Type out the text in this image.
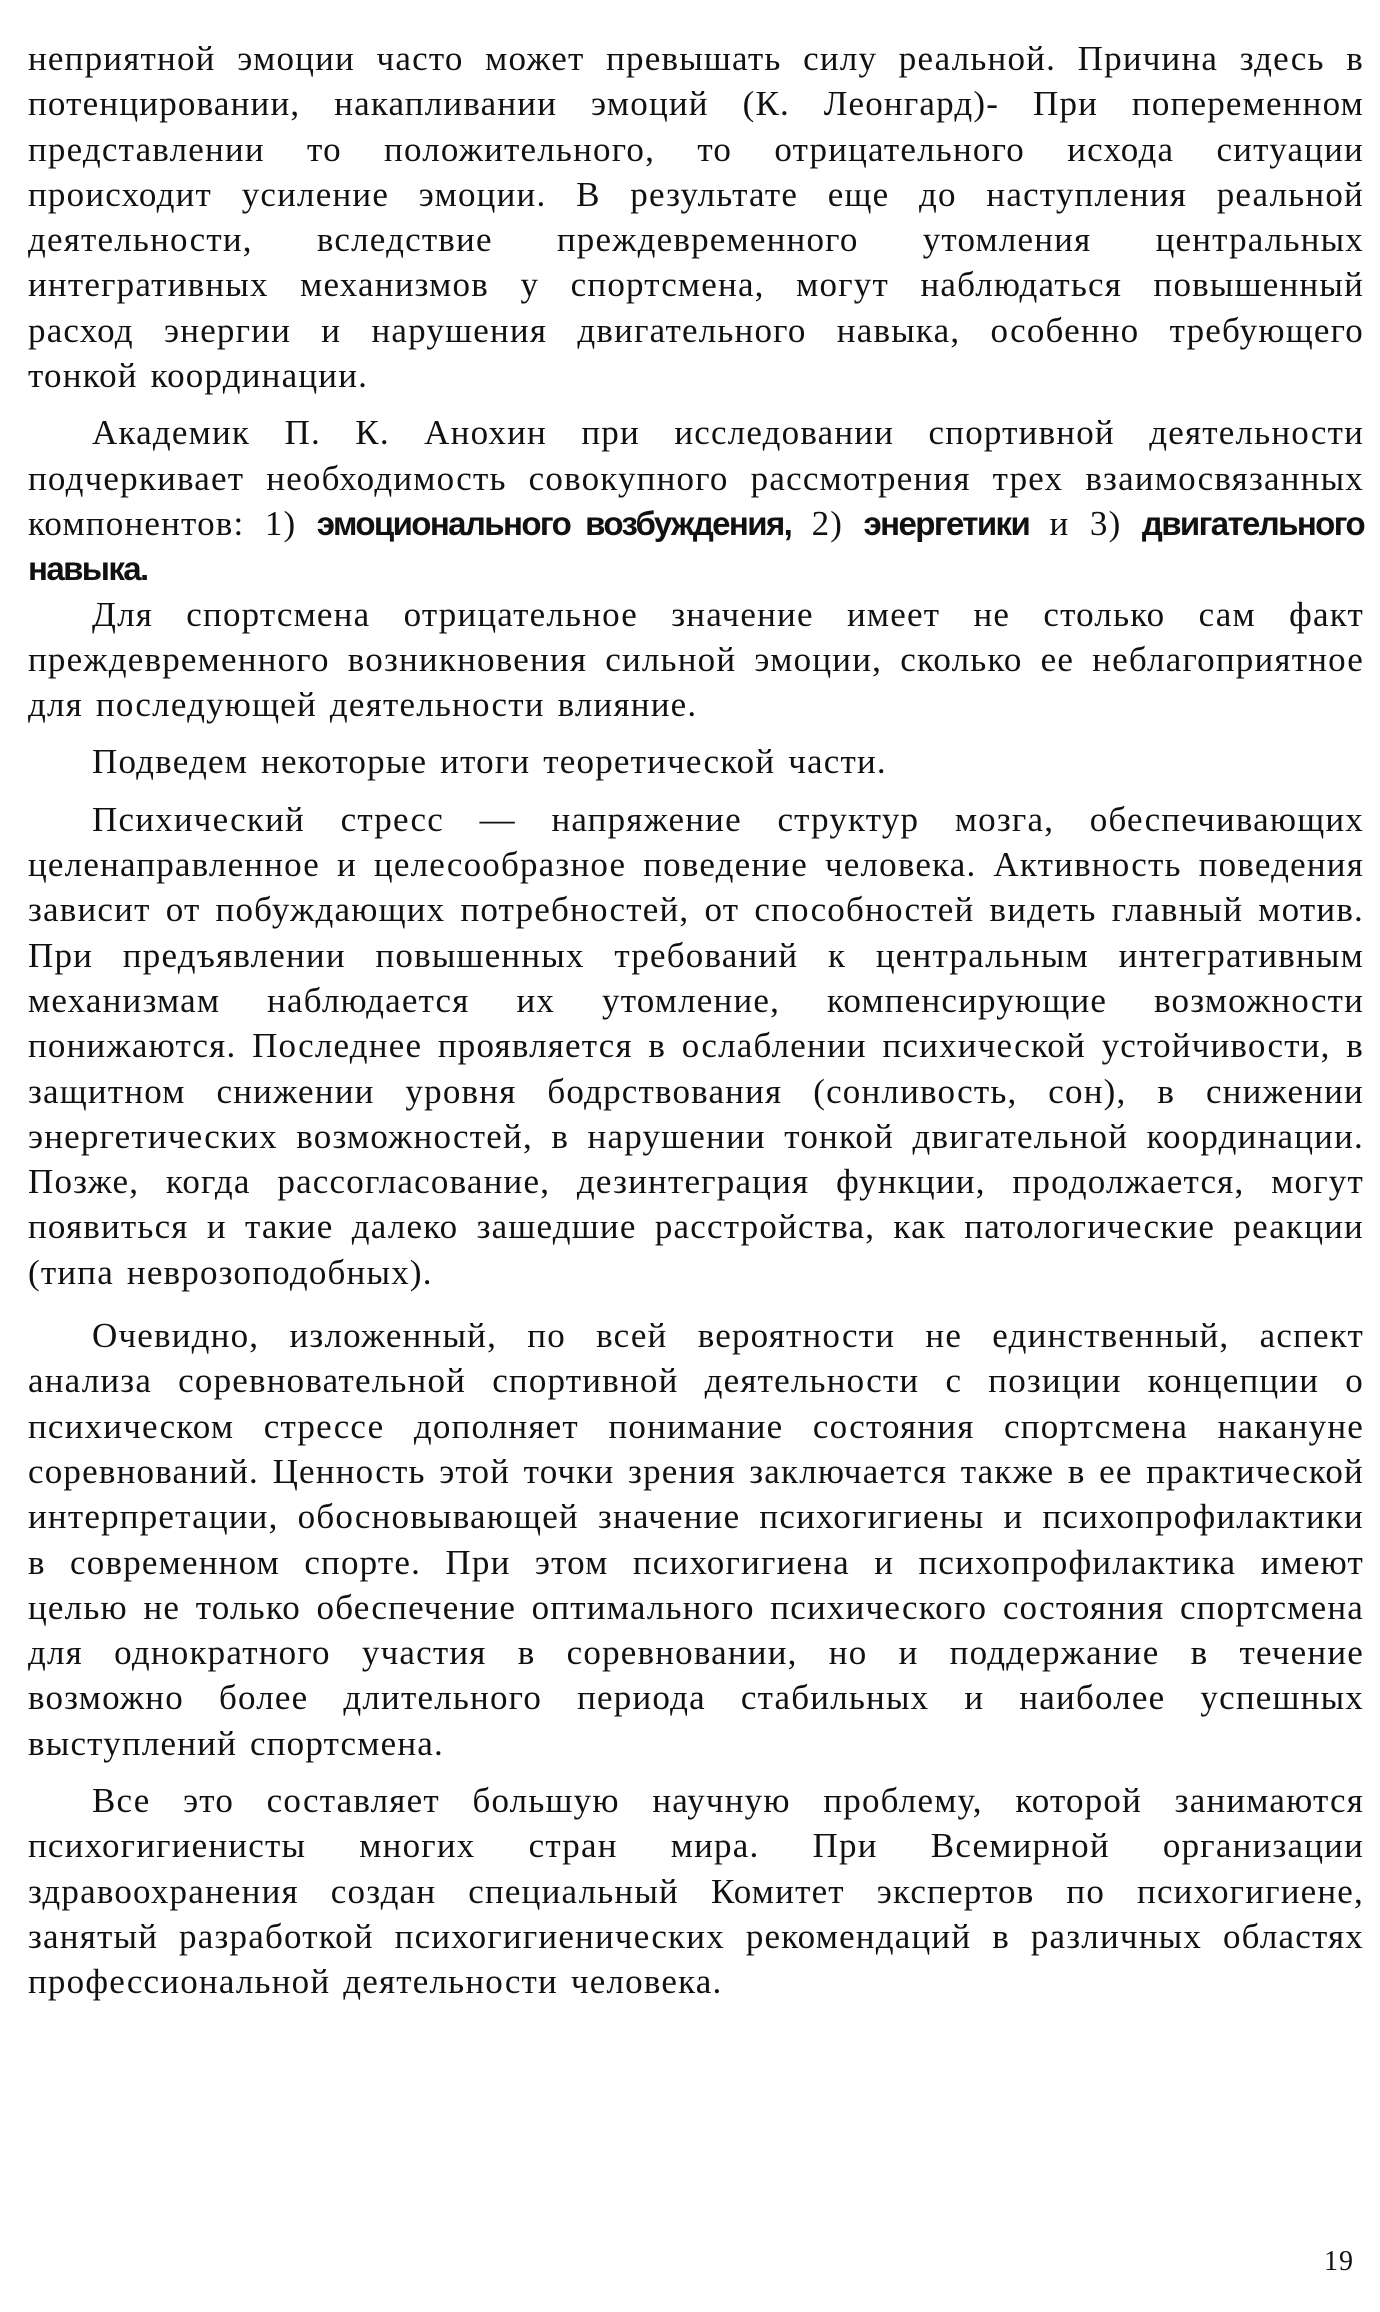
неприятной эмоции часто может превышать силу реальной. Причина здесь в потенцировании, накапливании эмоций (К. Леонгард)- При попеременном представлении то положительного, то отрицательного исхода ситуации происходит усиление эмоции. В результате еще до наступления реальной деятельности, вследствие преждевременного утомления центральных интегративных механизмов у спортсмена, могут наблюдаться повышенный расход энергии и нарушения двигательного навыка, особенно требующего тонкой координации.

Академик П. К. Анохин при исследовании спортивной деятельности подчеркивает необходимость совокупного рассмотрения трех взаимосвязанных компонентов: 1) эмоционального возбуждения, 2) энергетики и 3) двигательного навыка.

Для спортсмена отрицательное значение имеет не столько сам факт преждевременного возникновения сильной эмоции, сколько ее неблагоприятное для последующей деятельности влияние.

Подведем некоторые итоги теоретической части.

Психический стресс — напряжение структур мозга, обеспечивающих целенаправленное и целесообразное поведение человека. Активность поведения зависит от побуждающих потребностей, от способностей видеть главный мотив. При предъявлении повышенных требований к центральным интегративным механизмам наблюдается их утомление, компенсирующие возможности понижаются. Последнее проявляется в ослаблении психической устойчивости, в защитном снижении уровня бодрствования (сонливость, сон), в снижении энергетических возможностей, в нарушении тонкой двигательной координации. Позже, когда рассогласование, дезинтеграция функции, продолжается, могут появиться и такие далеко зашедшие расстройства, как патологические реакции (типа неврозоподобных).

Очевидно, изложенный, по всей вероятности не единственный, аспект анализа соревновательной спортивной деятельности с позиции концепции о психическом стрессе дополняет понимание состояния спортсмена накануне соревнований. Ценность этой точки зрения заключается также в ее практической интерпретации, обосновывающей значение психогигиены и психопрофилактики в современном спорте. При этом психогигиена и психопрофилактика имеют целью не только обеспечение оптимального психического состояния спортсмена для однократного участия в соревновании, но и поддержание в течение возможно более длительного периода стабильных и наиболее успешных выступлений спортсмена.

Все это составляет большую научную проблему, которой занимаются психогигиенисты многих стран мира. При Всемирной организации здравоохранения создан специальный Комитет экспертов по психогигиене, занятый разработкой психогигиенических рекомендаций в различных областях профессиональной деятельности человека.

19
